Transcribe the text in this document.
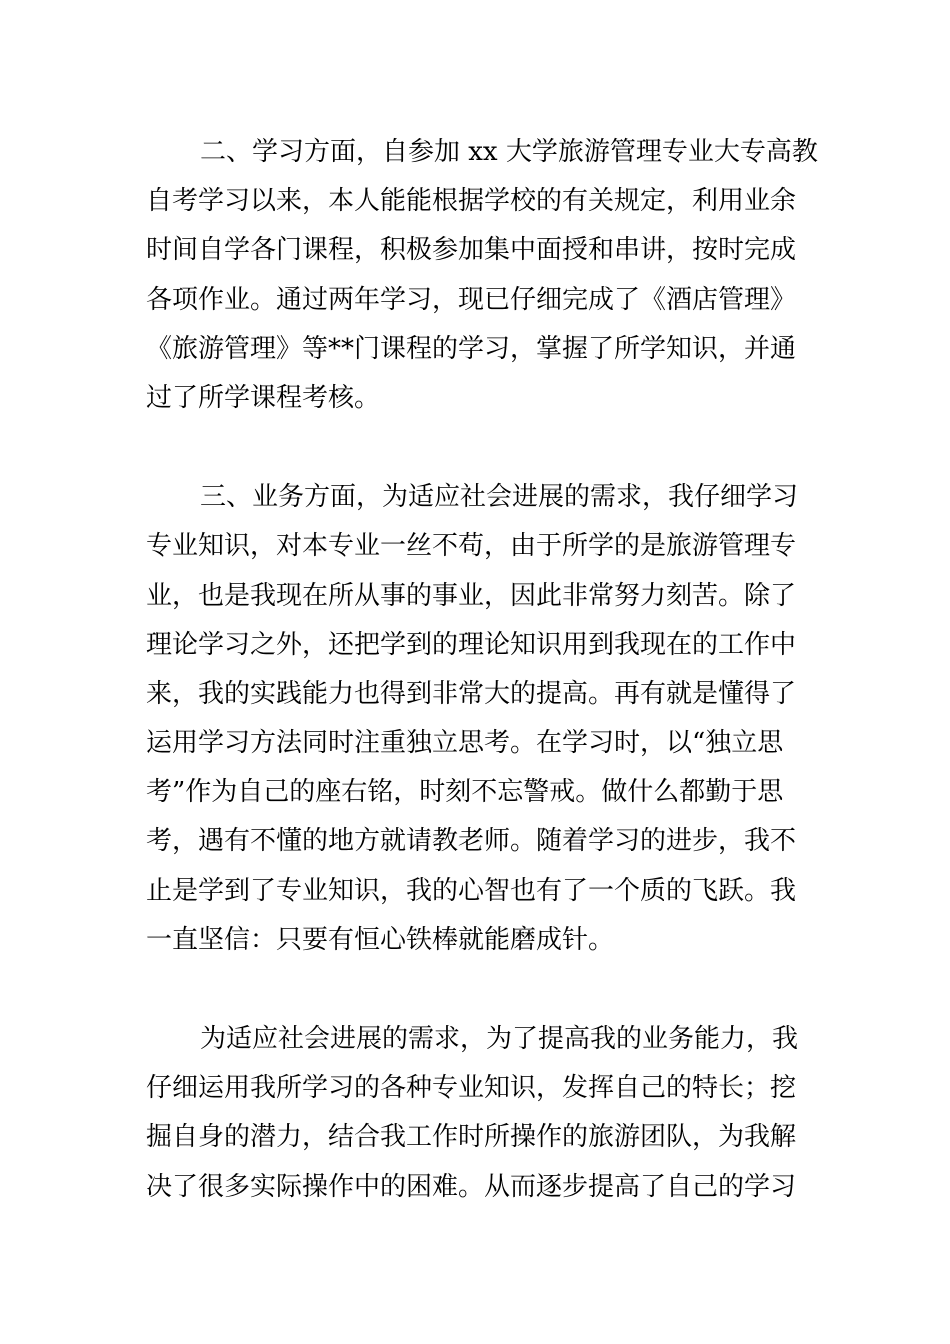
二、学习方面，自参加 xx 大学旅游管理专业大专高教
自考学习以来，本人能能根据学校的有关规定，利用业余
时间自学各门课程，积极参加集中面授和串讲，按时完成
各项作业。通过两年学习，现已仔细完成了《酒店管理》
《旅游管理》等**门课程的学习，掌握了所学知识，并通
过了所学课程考核。
三、业务方面，为适应社会进展的需求，我仔细学习
专业知识，对本专业一丝不苟，由于所学的是旅游管理专
业，也是我现在所从事的事业，因此非常努力刻苦。除了
理论学习之外，还把学到的理论知识用到我现在的工作中
来，我的实践能力也得到非常大的提高。再有就是懂得了
运用学习方法同时注重独立思考。在学习时，以“独立思
考”作为自己的座右铭，时刻不忘警戒。做什么都勤于思
考，遇有不懂的地方就请教老师。随着学习的进步，我不
止是学到了专业知识，我的心智也有了一个质的飞跃。我
一直坚信：只要有恒心铁棒就能磨成针。
为适应社会进展的需求，为了提高我的业务能力，我
仔细运用我所学习的各种专业知识，发挥自己的特长；挖
掘自身的潜力，结合我工作时所操作的旅游团队，为我解
决了很多实际操作中的困难。从而逐步提高了自己的学习
